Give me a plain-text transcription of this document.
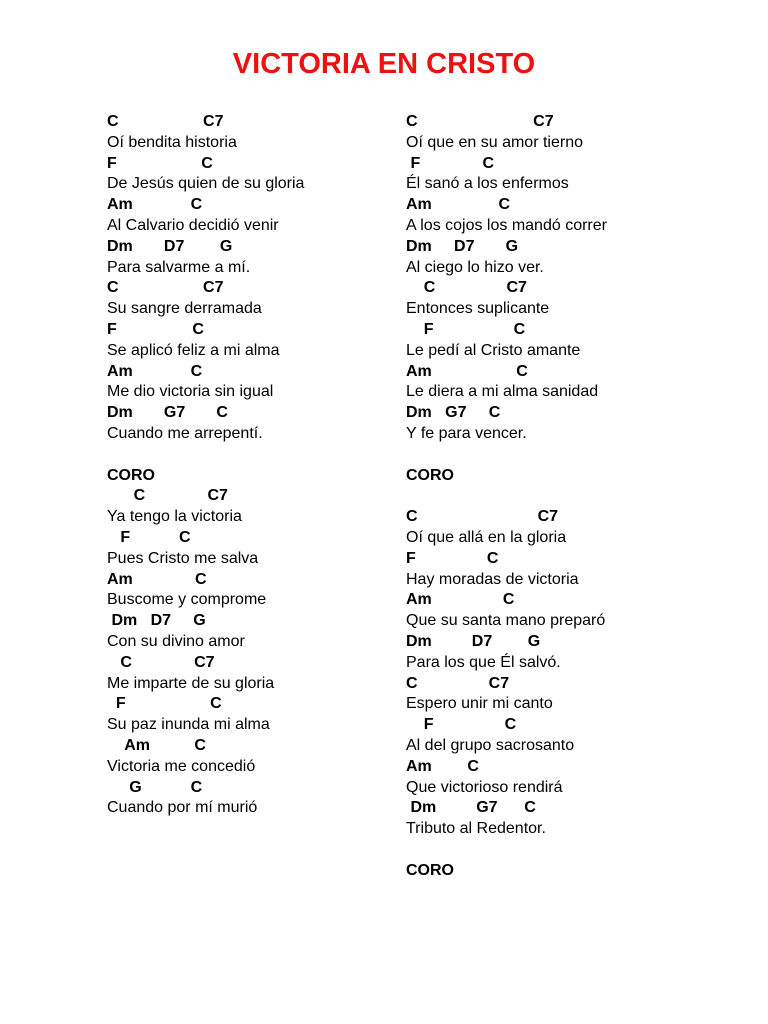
VICTORIA EN CRISTO
C                   C7
Oí bendita historia
F                   C
De Jesús quien de su gloria
Am             C
Al Calvario decidió venir
Dm       D7        G
Para salvarme a mí.
C                   C7
Su sangre derramada
F                 C
Se aplicó feliz a mi alma
Am             C
Me dio victoria sin igual
Dm       G7       C
Cuando me arrepentí.
CORO
C              C7
Ya tengo la victoria
F           C
Pues Cristo me salva
Am              C
Buscome y comprome
Dm   D7     G
Con su divino amor
C              C7
Me imparte de su gloria
F                   C
Su paz inunda mi alma
Am          C
Victoria me concedió
G           C
Cuando por mí murió
C                          C7
Oí que en su amor tierno
F              C
Él sanó a los enfermos
Am               C
A los cojos los mandó correr
Dm     D7       G
Al ciego lo hizo ver.
C                C7
Entonces suplicante
F                  C
Le pedí al Cristo amante
Am                   C
Le diera a mi alma sanidad
Dm   G7     C
Y fe para vencer.
CORO
C                           C7
Oí que allá en la gloria
F                C
Hay moradas de victoria
Am                C
Que su santa mano preparó
Dm         D7        G
Para los que Él salvó.
C                C7
Espero unir mi canto
F                C
Al del grupo sacrosanto
Am        C
Que victorioso rendirá
Dm         G7      C
Tributo al Redentor.
CORO
